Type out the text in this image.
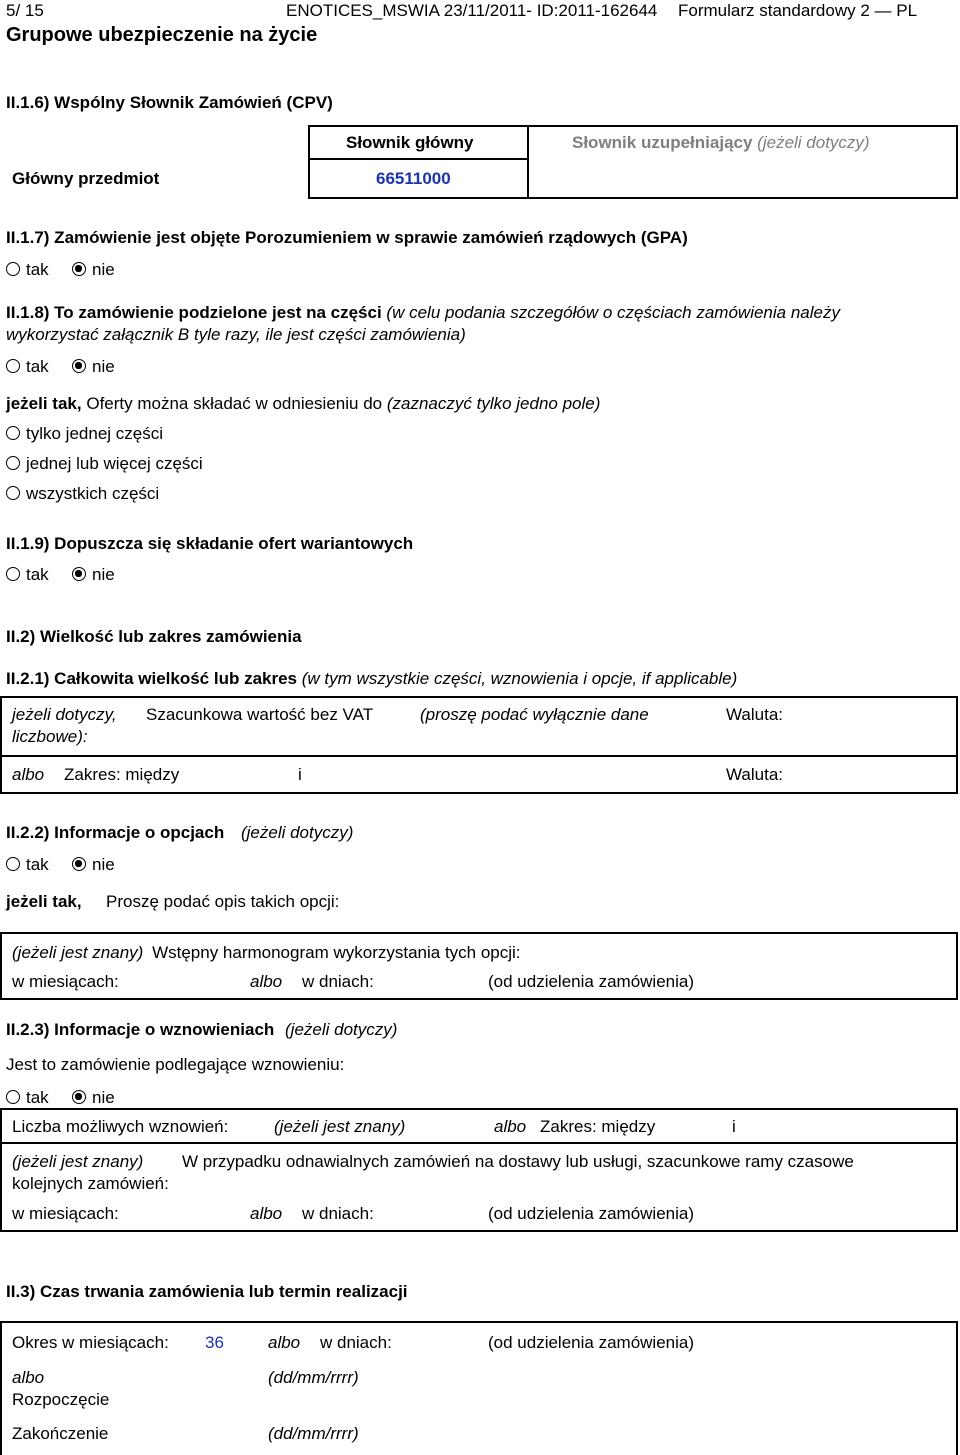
5/ 15	ENOTICES_MSWIA 23/11/2011- ID:2011-162644 Formularz standardowy 2 — PL
Grupowe ubezpieczenie na życie
II.1.6) Wspólny Słownik Zamówień (CPV)
Słownik główny	Słownik uzupełniający (jeżeli dotyczy)
Główny przedmiot	66511000
II.1.7) Zamówienie jest objęte Porozumieniem w sprawie zamówień rządowych (GPA)
tak	nie
II.1.8) To zamówienie podzielone jest na części (w celu podania szczegółów o częściach zamówienia należy
wykorzystać załącznik B tyle razy, ile jest części zamówienia)
tak	nie
jeżeli tak, Oferty można składać w odniesieniu do (zaznaczyć tylko jedno pole)
tylko jednej części
jednej lub więcej części
wszystkich części
II.1.9) Dopuszcza się składanie ofert wariantowych
tak	nie
II.2) Wielkość lub zakres zamówienia
II.2.1) Całkowita wielkość lub zakres (w tym wszystkie części, wznowienia i opcje, if applicable)
jeżeli dotyczy, Szacunkowa wartość bez VAT	(proszę podać wyłącznie dane
liczbowe):
Waluta:
albo Zakres: między	i	Waluta:
II.2.2) Informacje o opcjach (jeżeli dotyczy)
tak	nie
jeżeli tak, Proszę podać opis takich opcji:
(jeżeli jest znany) Wstępny harmonogram wykorzystania tych opcji:
w miesiącach:	albo w dniach:	(od udzielenia zamówienia)
II.2.3) Informacje o wznowieniach (jeżeli dotyczy)
Jest to zamówienie podlegające wznowieniu:
tak	nie
Liczba możliwych wznowień:	(jeżeli jest znany)	albo Zakres: między	i
(jeżeli jest znany) W przypadku odnawialnych zamówień na dostawy lub usługi, szacunkowe ramy czasowe
kolejnych zamówień:
w miesiącach:	albo w dniach:	(od udzielenia zamówienia)
II.3) Czas trwania zamówienia lub termin realizacji
Okres w miesiącach: 36	albo w dniach:	(od udzielenia zamówienia)
albo
Rozpoczęcie
(dd/mm/rrrr)
Zakończenie	(dd/mm/rrrr)
